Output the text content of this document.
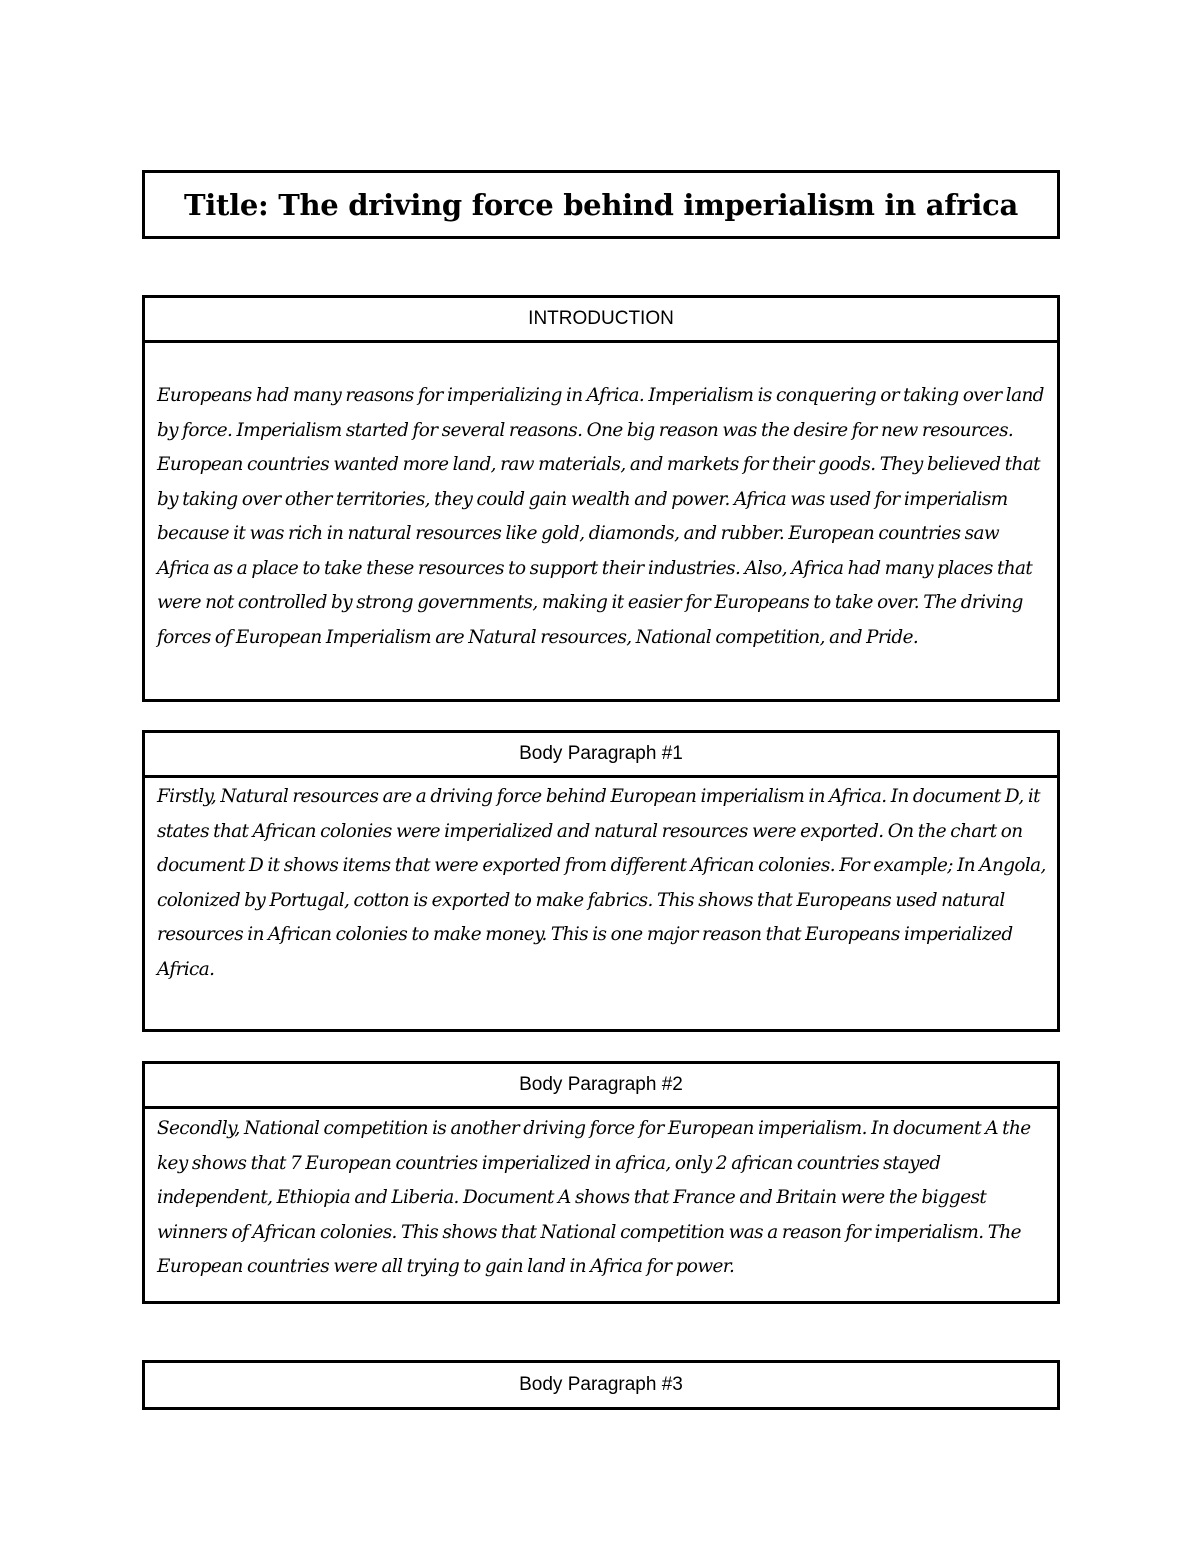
Title: The driving force behind imperialism in africa
INTRODUCTION
Europeans had many reasons for imperializing in Africa. Imperialism is conquering or taking over land by force. Imperialism started for several reasons. One big reason was the desire for new resources. European countries wanted more land, raw materials, and markets for their goods. They believed that by taking over other territories, they could gain wealth and power. Africa was used for imperialism because it was rich in natural resources like gold, diamonds, and rubber. European countries saw Africa as a place to take these resources to support their industries. Also, Africa had many places that were not controlled by strong governments, making it easier for Europeans to take over. The driving forces of European Imperialism are Natural resources, National competition, and Pride.
Body Paragraph #1
Firstly, Natural resources are a driving force behind European imperialism in Africa. In document D, it states that African colonies were imperialized and natural resources were exported. On the chart on document D it shows items that were exported from different African colonies. For example; In Angola, colonized by Portugal, cotton is exported to make fabrics. This shows that Europeans used natural resources in African colonies to make money. This is one major reason that Europeans imperialized Africa.
Body Paragraph #2
Secondly, National competition is another driving force for European imperialism. In document A the key shows that 7 European countries imperialized in africa, only 2 african countries stayed independent, Ethiopia and Liberia. Document A shows that France and Britain were the biggest winners of African colonies. This shows that National competition was a reason for imperialism. The European countries were all trying to gain land in Africa for power.
Body Paragraph #3
